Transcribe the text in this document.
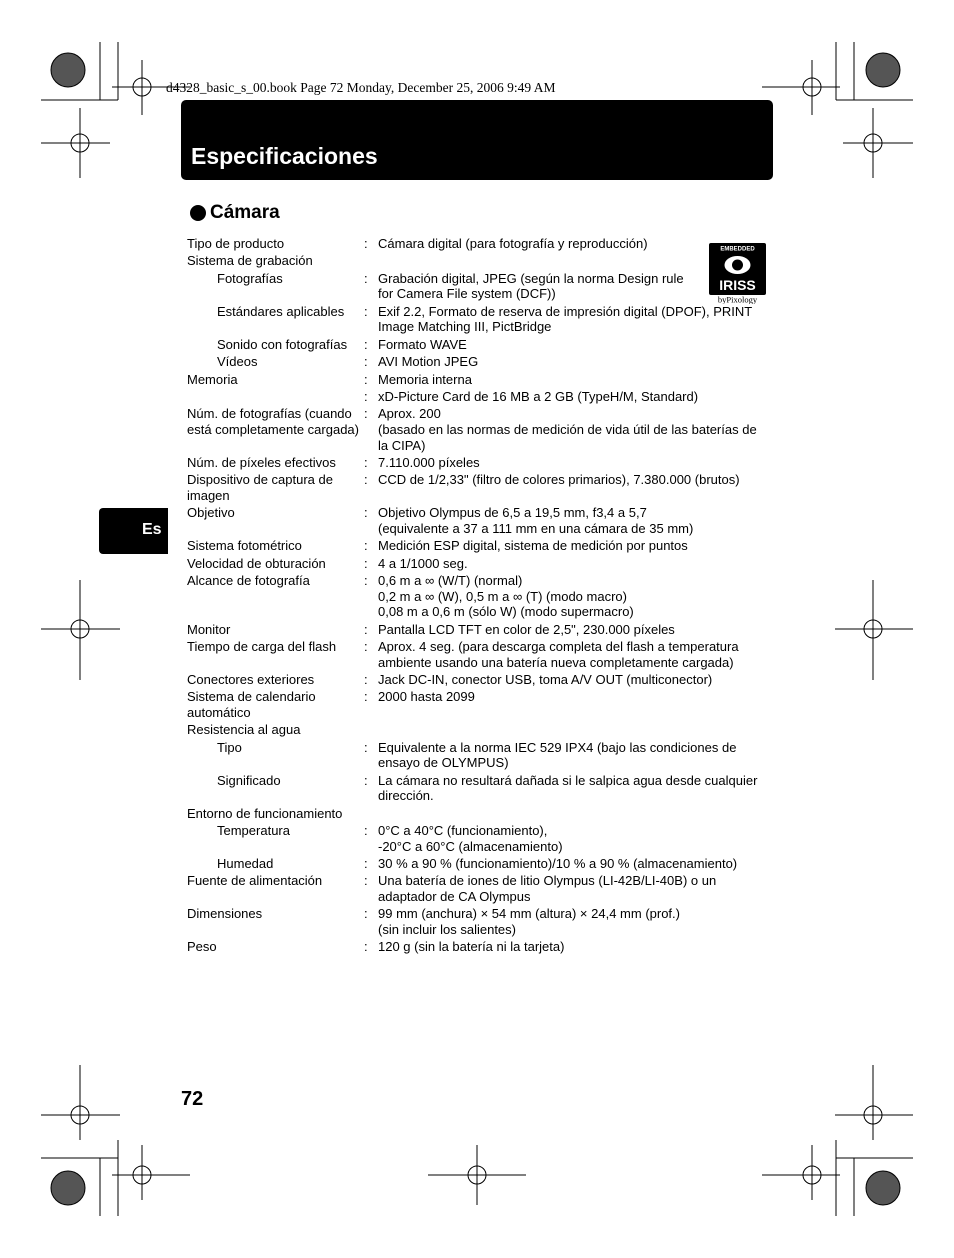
d4328_basic_s_00.book Page 72 Monday, December 25, 2006 9:49 AM
Especificaciones
Cámara
Es
EMBEDDED
IRISS
byPixology
Tipo de producto	: Cámara digital (para fotografía y reproducción)
Sistema de grabación
Fotografías	: Grabación digital, JPEG (según la norma Design rule
for Camera File system (DCF))
Estándares aplicables	: Exif 2.2, Formato de reserva de impresión digital (DPOF), PRINT
Image Matching III, PictBridge
Sonido con fotografías	: Formato WAVE
Vídeos	: AVI Motion JPEG
Memoria	: Memoria interna
: xD-Picture Card de 16 MB a 2 GB (TypeH/M, Standard)
Núm. de fotografías (cuando está completamente cargada)
: Aprox. 200
(basado en las normas de medición de vida útil de las baterías de
la CIPA)
Núm. de píxeles efectivos	: 7.110.000 píxeles
Dispositivo de captura de imagen
: CCD de 1/2,33" (filtro de colores primarios), 7.380.000 (brutos)
Objetivo	: Objetivo Olympus de 6,5 a 19,5 mm, f3,4 a 5,7
(equivalente a 37 a 111 mm en una cámara de 35 mm)
Sistema fotométrico	: Medición ESP digital, sistema de medición por puntos
Velocidad de obturación	: 4 a 1/1000 seg.
Alcance de fotografía	: 0,6 m a ∞ (W/T) (normal)
0,2 m a ∞ (W), 0,5 m a ∞ (T) (modo macro)
0,08 m a 0,6 m (sólo W) (modo supermacro)
Monitor	: Pantalla LCD TFT en color de 2,5", 230.000 píxeles
Tiempo de carga del flash	: Aprox. 4 seg. (para descarga completa del flash a temperatura
ambiente usando una batería nueva completamente cargada)
Conectores exteriores	: Jack DC-IN, conector USB, toma A/V OUT (multiconector)
Sistema de calendario automático
: 2000 hasta 2099
Resistencia al agua
Tipo	: Equivalente a la norma IEC 529 IPX4 (bajo las condiciones de
ensayo de OLYMPUS)
Significado	: La cámara no resultará dañada si le salpica agua desde cualquier
dirección.
Entorno de funcionamiento
Temperatura	: 0°C a 40°C (funcionamiento),
-20°C a 60°C (almacenamiento)
Humedad	: 30 % a 90 % (funcionamiento)/10 % a 90 % (almacenamiento)
Fuente de alimentación	: Una batería de iones de litio Olympus (LI-42B/LI-40B) o un
adaptador de CA Olympus
Dimensiones	: 99 mm (anchura) × 54 mm (altura) × 24,4 mm (prof.)
(sin incluir los salientes)
Peso	: 120 g (sin la batería ni la tarjeta)
72
